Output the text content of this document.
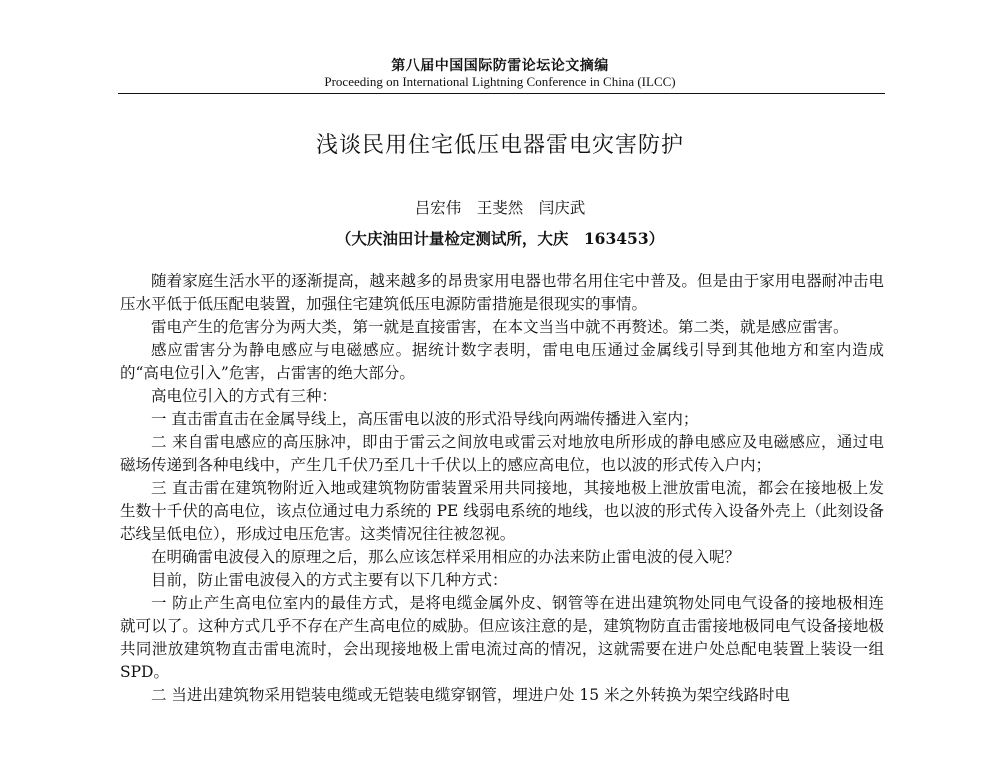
第八届中国国际防雷论坛论文摘编
Proceeding on International Lightning Conference in China (ILCC)
浅谈民用住宅低压电器雷电灾害防护
吕宏伟　王斐然　闫庆武
（大庆油田计量检定测试所，大庆　163453）

随着家庭生活水平的逐渐提高，越来越多的昂贵家用电器也带名用住宅中普及。但是由于家用电器耐冲击电压水平低于低压配电装置，加强住宅建筑低压电源防雷措施是很现实的事情。

雷电产生的危害分为两大类，第一就是直接雷害，在本文当当中就不再赘述。第二类，就是感应雷害。

感应雷害分为静电感应与电磁感应。据统计数字表明，雷电电压通过金属线引导到其他地方和室内造成的“高电位引入”危害，占雷害的绝大部分。

高电位引入的方式有三种：

一 直击雷直击在金属导线上，高压雷电以波的形式沿导线向两端传播进入室内；

二 来自雷电感应的高压脉冲，即由于雷云之间放电或雷云对地放电所形成的静电感应及电磁感应，通过电磁场传递到各种电线中，产生几千伏乃至几十千伏以上的感应高电位，也以波的形式传入户内；

三 直击雷在建筑物附近入地或建筑物防雷装置采用共同接地，其接地极上泄放雷电流，都会在接地极上发生数十千伏的高电位，该点位通过电力系统的 PE 线弱电系统的地线，也以波的形式传入设备外壳上（此刻设备芯线呈低电位），形成过电压危害。这类情况往往被忽视。

在明确雷电波侵入的原理之后，那么应该怎样采用相应的办法来防止雷电波的侵入呢？

目前，防止雷电波侵入的方式主要有以下几种方式：

一 防止产生高电位室内的最佳方式，是将电缆金属外皮、钢管等在进出建筑物处同电气设备的接地极相连就可以了。这种方式几乎不存在产生高电位的威胁。但应该注意的是，建筑物防直击雷接地极同电气设备接地极共同泄放建筑物直击雷电流时，会出现接地极上雷电流过高的情况，这就需要在进户处总配电装置上装设一组 SPD。

二 当进出建筑物采用铠装电缆或无铠装电缆穿钢管，埋进户处 15 米之外转换为架空线路时电
